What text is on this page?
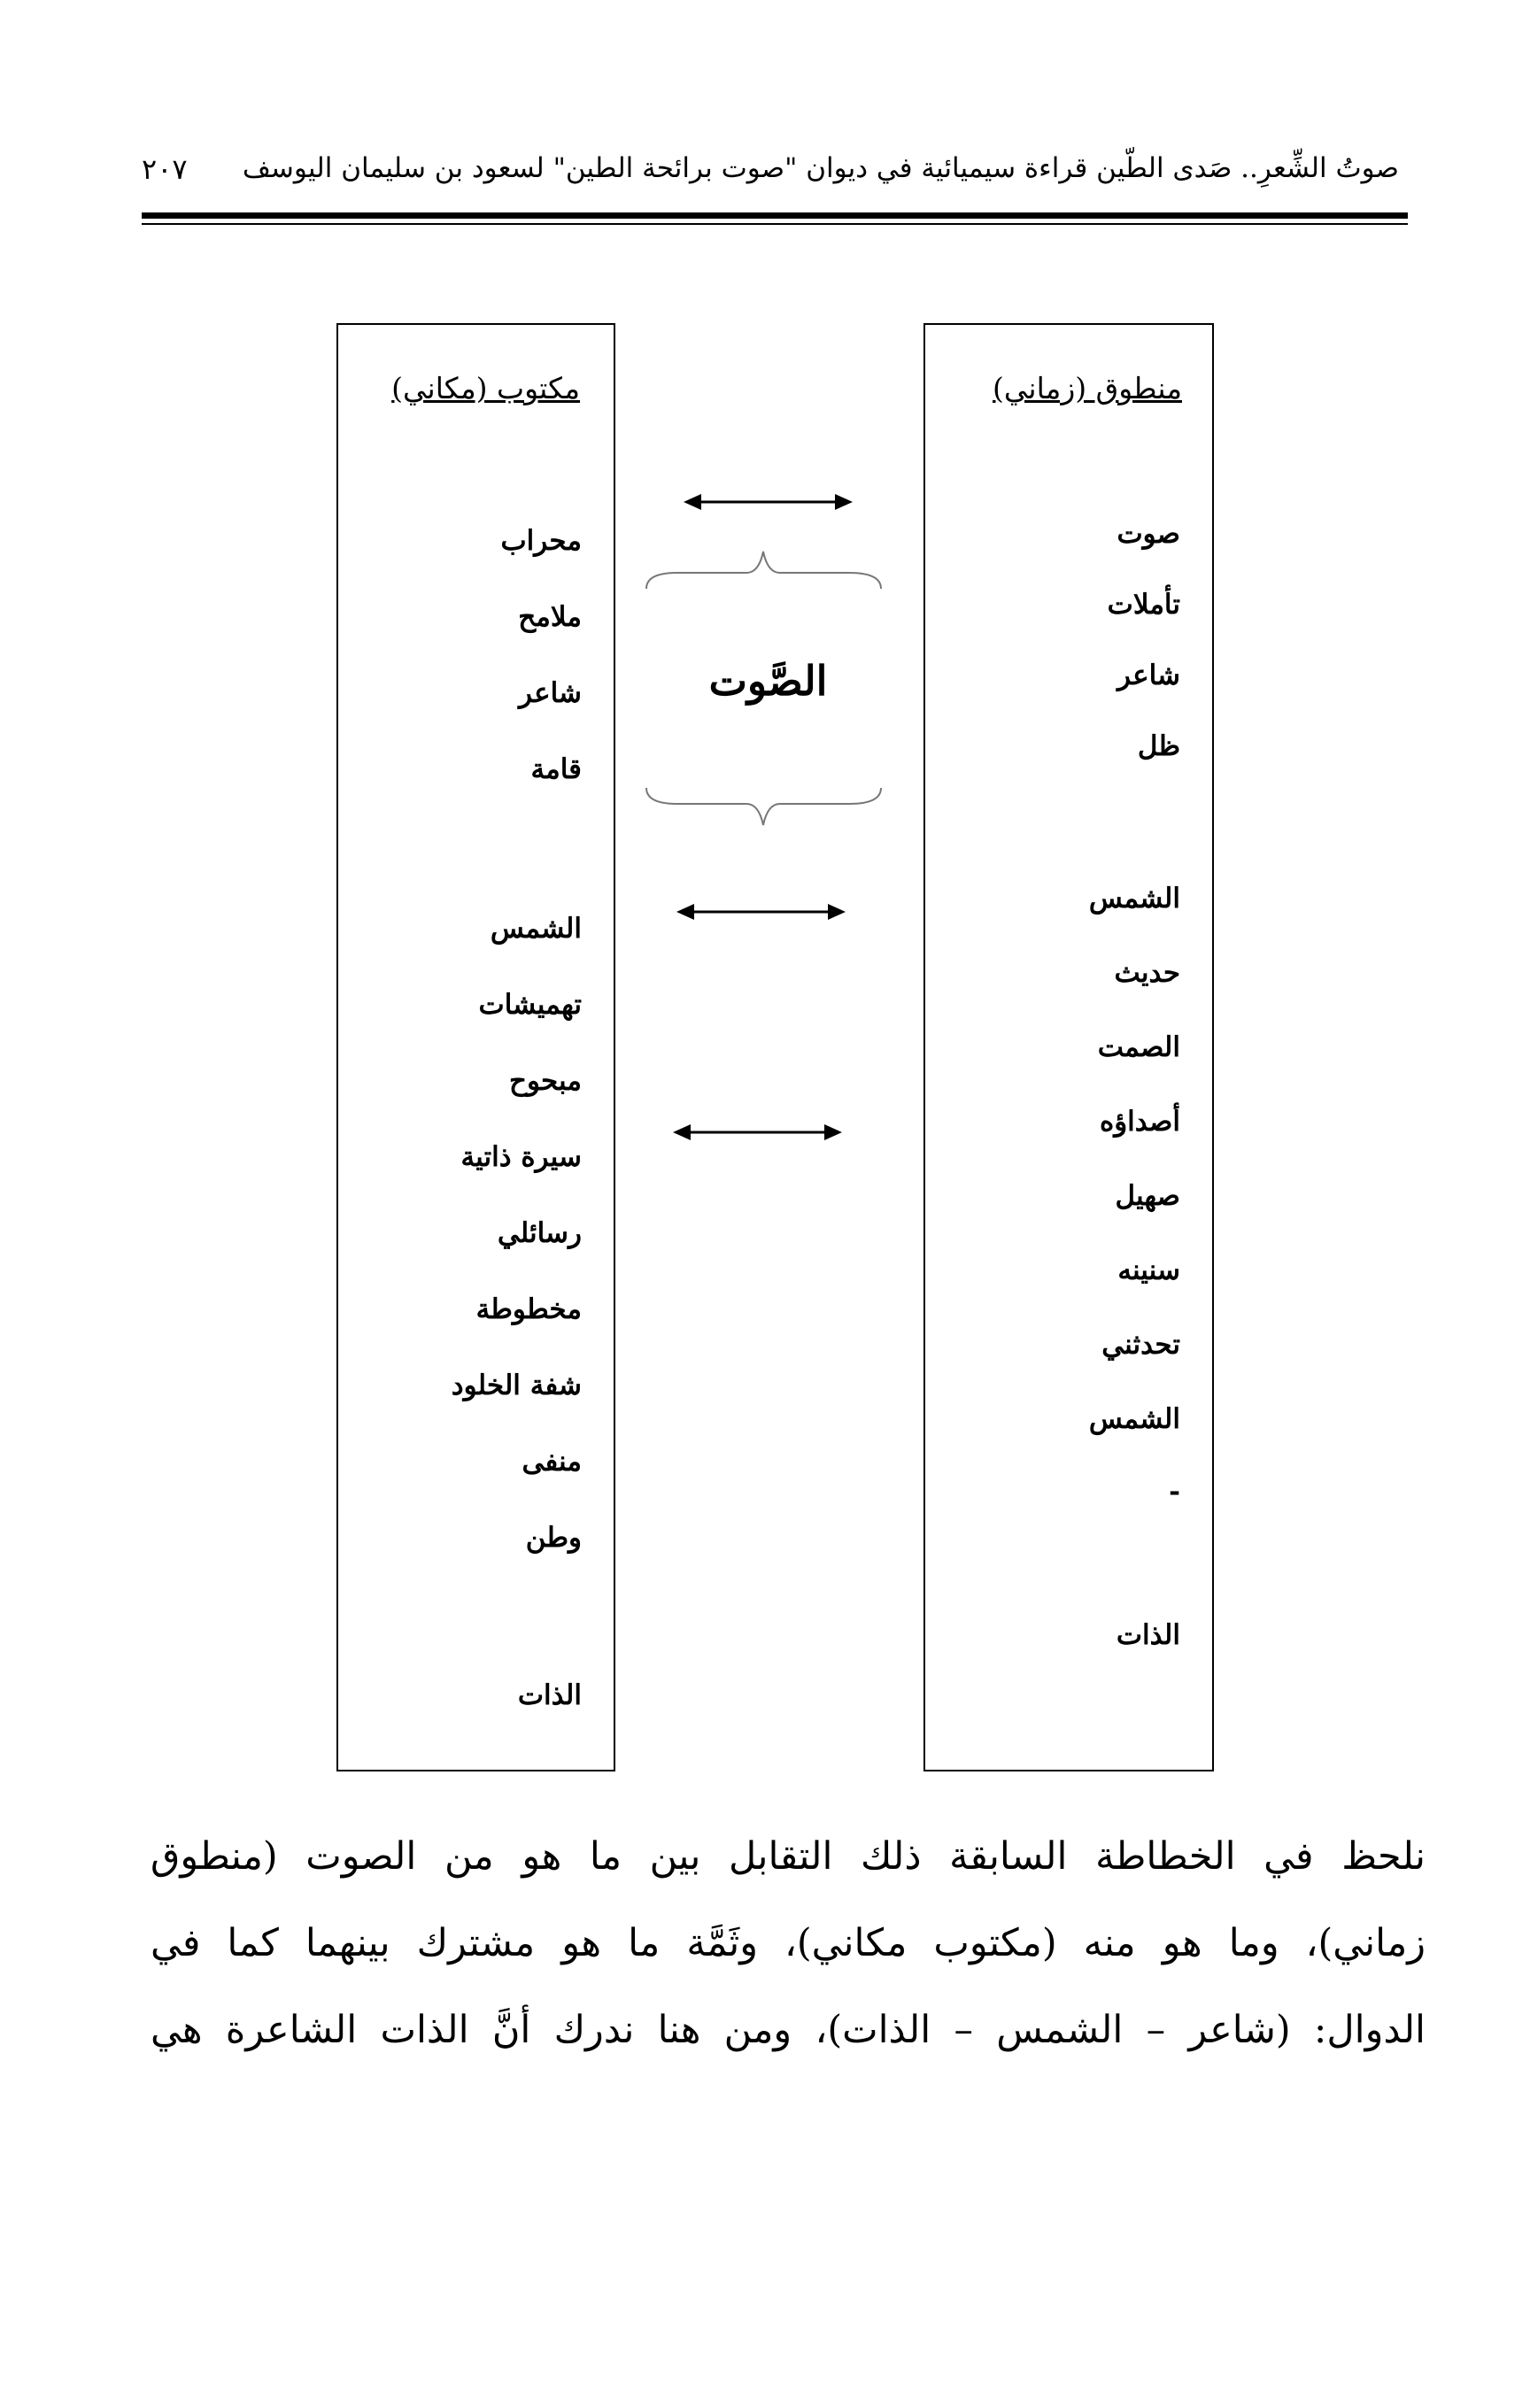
٢٠٧ صوتُ الشِّعرِ.. صَدى الطّين قراءة سيميائية في ديوان "صوت برائحة الطين" لسعود بن سليمان اليوسف
منطوق (زماني)
صوت
تأملات
شاعر
ظل
الشمس
حديث
الصمت
أصداؤه
صهيل
سنينه
تحدثني
الشمس
-
الذات
مكتوب (مكاني)
محراب
ملامح
شاعر
قامة
الشمس
تهميشات
مبحوح
سيرة ذاتية
رسائلي
مخطوطة
شفة الخلود
منفى
وطن
الذات
الصَّوت
نلحظ في الخطاطة السابقة ذلك التقابل بين ما هو من الصوت (منطوق
زماني)، وما هو منه (مكتوب مكاني)، وثَمَّة ما هو مشترك بينهما كما في
الدوال: (شاعر – الشمس – الذات)، ومن هنا ندرك أنَّ الذات الشاعرة هي
